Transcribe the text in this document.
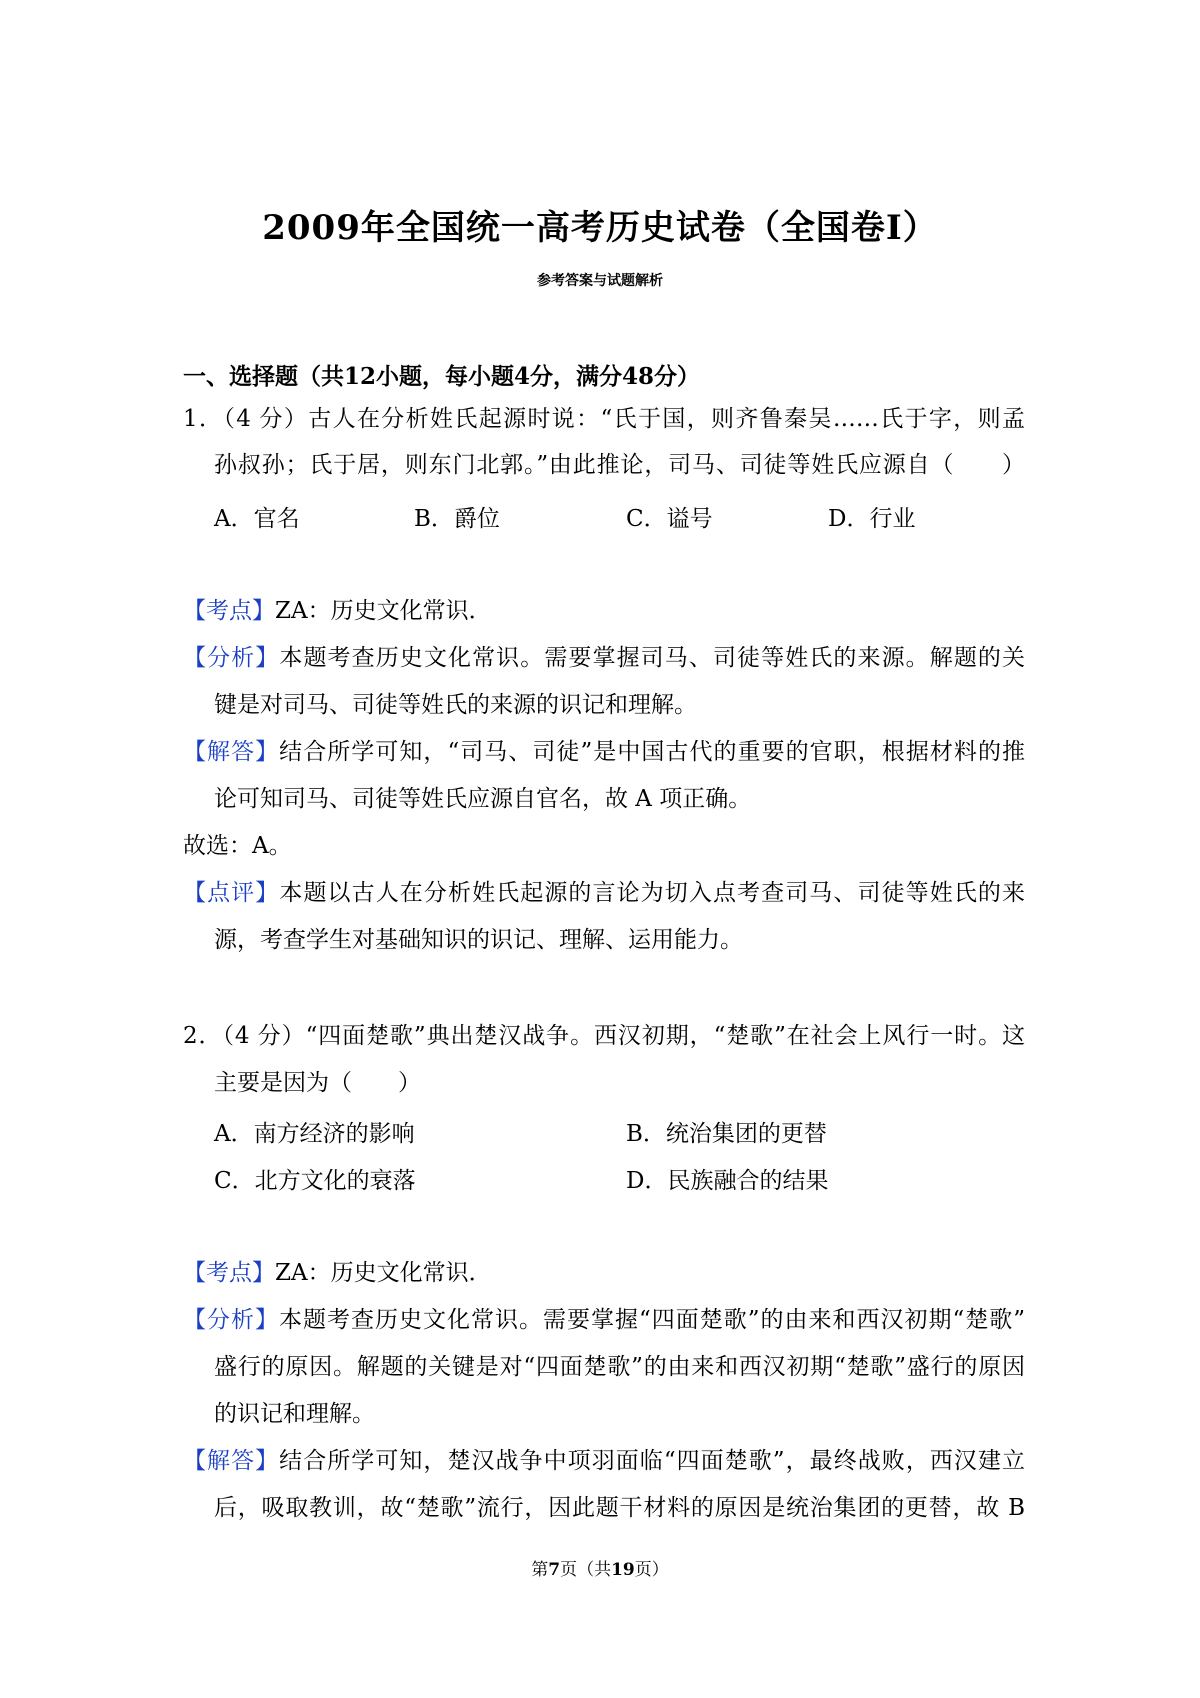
2009年全国统一高考历史试卷（全国卷Ⅰ）
参考答案与试题解析
一、选择题（共12小题，每小题4分，满分48分）
1．（4 分）古人在分析姓氏起源时说：“氏于国，则齐鲁秦吴……氏于字，则孟
孙叔孙；氏于居，则东门北郭。”由此推论，司马、司徒等姓氏应源自（　　）
A．官名	B．爵位	C．谥号	D．行业
【考点】ZA：历史文化常识．
【分析】本题考查历史文化常识。需要掌握司马、司徒等姓氏的来源。解题的关
键是对司马、司徒等姓氏的来源的识记和理解。
【解答】结合所学可知，“司马、司徒”是中国古代的重要的官职，根据材料的推
论可知司马、司徒等姓氏应源自官名，故 A 项正确。
故选：A。
【点评】本题以古人在分析姓氏起源的言论为切入点考查司马、司徒等姓氏的来
源，考查学生对基础知识的识记、理解、运用能力。
2．（4 分）“四面楚歌”典出楚汉战争。西汉初期，“楚歌”在社会上风行一时。这
主要是因为（　　）
A．南方经济的影响	B．统治集团的更替
C．北方文化的衰落	D．民族融合的结果
【考点】ZA：历史文化常识．
【分析】本题考查历史文化常识。需要掌握“四面楚歌”的由来和西汉初期“楚歌”
盛行的原因。解题的关键是对“四面楚歌”的由来和西汉初期“楚歌”盛行的原因
的识记和理解。
【解答】结合所学可知，楚汉战争中项羽面临“四面楚歌”，最终战败，西汉建立
后，吸取教训，故“楚歌”流行，因此题干材料的原因是统治集团的更替，故 B
第7页（共19页）
